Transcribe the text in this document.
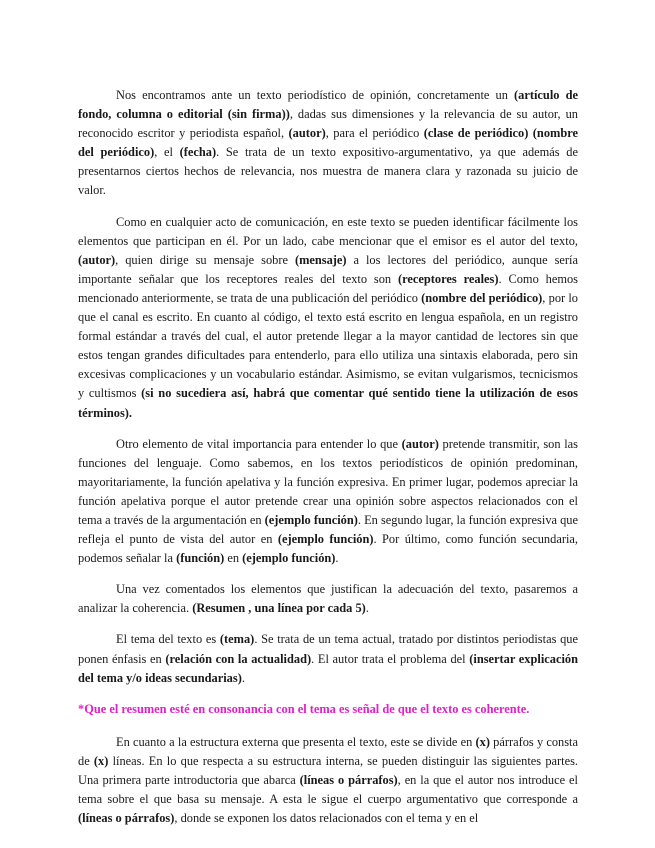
Nos encontramos ante un texto periodístico de opinión, concretamente un (artículo de fondo, columna o editorial (sin firma)), dadas sus dimensiones y la relevancia de su autor, un reconocido escritor y periodista español, (autor), para el periódico (clase de periódico) (nombre del periódico), el (fecha). Se trata de un texto expositivo-argumentativo, ya que además de presentarnos ciertos hechos de relevancia, nos muestra de manera clara y razonada su juicio de valor.

Como en cualquier acto de comunicación, en este texto se pueden identificar fácilmente los elementos que participan en él. Por un lado, cabe mencionar que el emisor es el autor del texto, (autor), quien dirige su mensaje sobre (mensaje) a los lectores del periódico, aunque sería importante señalar que los receptores reales del texto son (receptores reales). Como hemos mencionado anteriormente, se trata de una publicación del periódico (nombre del periódico), por lo que el canal es escrito. En cuanto al código, el texto está escrito en lengua española, en un registro formal estándar a través del cual, el autor pretende llegar a la mayor cantidad de lectores sin que estos tengan grandes dificultades para entenderlo, para ello utiliza una sintaxis elaborada, pero sin excesivas complicaciones y un vocabulario estándar. Asimismo, se evitan vulgarismos, tecnicismos y cultismos (si no sucediera así, habrá que comentar qué sentido tiene la utilización de esos términos).

Otro elemento de vital importancia para entender lo que (autor) pretende transmitir, son las funciones del lenguaje. Como sabemos, en los textos periodísticos de opinión predominan, mayoritariamente, la función apelativa y la función expresiva. En primer lugar, podemos apreciar la función apelativa porque el autor pretende crear una opinión sobre aspectos relacionados con el tema a través de la argumentación en (ejemplo función). En segundo lugar, la función expresiva que refleja el punto de vista del autor en (ejemplo función). Por último, como función secundaria, podemos señalar la (función) en (ejemplo función).

Una vez comentados los elementos que justifican la adecuación del texto, pasaremos a analizar la coherencia. (Resumen , una línea por cada 5).

El tema del texto es (tema). Se trata de un tema actual, tratado por distintos periodistas que ponen énfasis en (relación con la actualidad). El autor trata el problema del (insertar explicación del tema y/o ideas secundarias).

*Que el resumen esté en consonancia con el tema es señal de que el texto es coherente.

En cuanto a la estructura externa que presenta el texto, este se divide en (x) párrafos y consta de (x) líneas. En lo que respecta a su estructura interna, se pueden distinguir las siguientes partes. Una primera parte introductoria que abarca (líneas o párrafos), en la que el autor nos introduce el tema sobre el que basa su mensaje. A esta le sigue el cuerpo argumentativo que corresponde a (líneas o párrafos), donde se exponen los datos relacionados con el tema y en el
